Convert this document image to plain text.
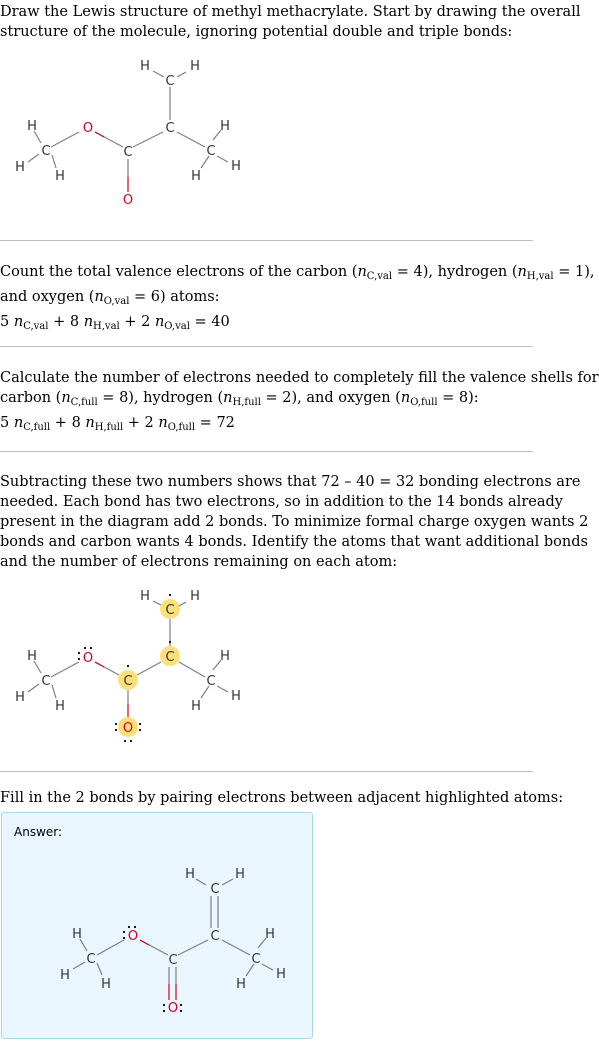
Draw the Lewis structure of methyl methacrylate. Start by drawing the overall
structure of the molecule, ignoring potential double and triple bonds:
H	H
C
C
H
C
H
H
C
H
C
H
H
O
O
Count the total valence electrons of the carbon $(n_{C,val} = 4)$, hydrogen $(n_{H,val} = 1)$,
and oxygen $(n_{O,val} = 6)$ atoms:
5 $n_{C,val} + 8$ $n_{H,val} + 2$ $n_{O,val} = 40$
Calculate the number of electrons needed to completely fill the valence shells for
carbon $(n_{C,full} = 8)$, hydrogen $(n_{H,full} = 2)$, and oxygen $(n_{O,full} = 8)$:
5 $n_{C,full} + 8$ $n_{H,full} + 2$ $n_{O,full} = 72$
Subtracting these two numbers shows that 72 – 40 = 32 bonding electrons are
needed. Each bond has two electrons, so in addition to the 14 bonds already
present in the diagram add 2 bonds. To minimize formal charge oxygen wants 2
bonds and carbon wants 4 bonds. Identify the atoms that want additional bonds
and the number of electrons remaining on each atom:
H	H
C
C
H
C
H
H
C
H
C
H
H
O
O
Fill in the 2 bonds by pairing electrons between adjacent highlighted atoms:
Answer:
H	H
C
C
H
C
H
H
C
H
C
H
H
O
O
